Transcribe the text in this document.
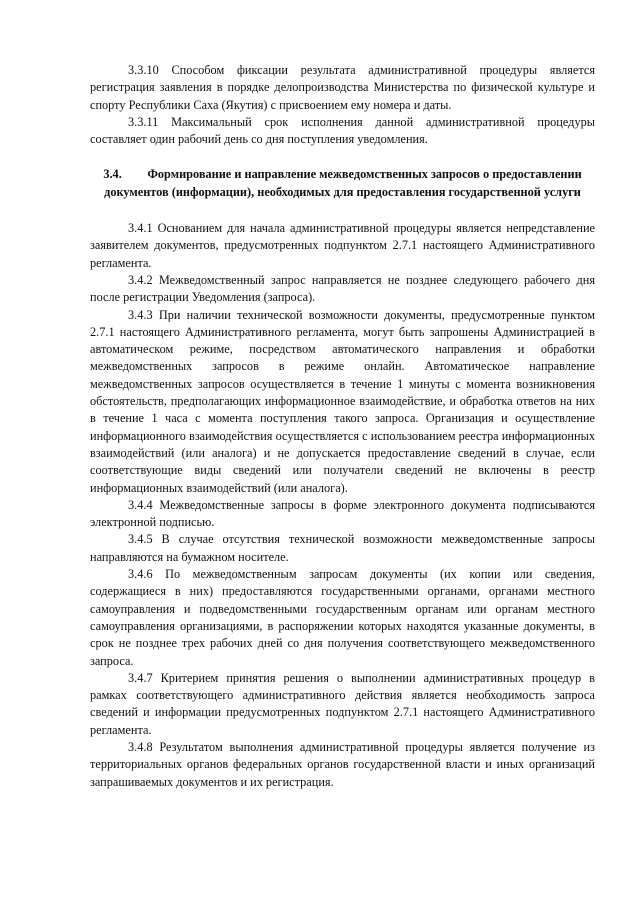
3.3.10 Способом фиксации результата административной процедуры является регистрация заявления в порядке делопроизводства Министерства по физической культуре и спорту Республики Саха (Якутия) с присвоением ему номера и даты.

3.3.11 Максимальный срок исполнения данной административной процедуры составляет один рабочий день со дня поступления уведомления.

3.4. Формирование и направление межведомственных запросов о предоставлении документов (информации), необходимых для предоставления государственной услуги

3.4.1 Основанием для начала административной процедуры является непредставление заявителем документов, предусмотренных подпунктом 2.7.1 настоящего Административного регламента.

3.4.2 Межведомственный запрос направляется не позднее следующего рабочего дня после регистрации Уведомления (запроса).

3.4.3 При наличии технической возможности документы, предусмотренные пунктом 2.7.1 настоящего Административного регламента, могут быть запрошены Администрацией в автоматическом режиме, посредством автоматического направления и обработки межведомственных запросов в режиме онлайн. Автоматическое направление межведомственных запросов осуществляется в течение 1 минуты с момента возникновения обстоятельств, предполагающих информационное взаимодействие, и обработка ответов на них в течение 1 часа с момента поступления такого запроса. Организация и осуществление информационного взаимодействия осуществляется с использованием реестра информационных взаимодействий (или аналога) и не допускается предоставление сведений в случае, если соответствующие виды сведений или получатели сведений не включены в реестр информационных взаимодействий (или аналога).

3.4.4 Межведомственные запросы в форме электронного документа подписываются электронной подписью.

3.4.5 В случае отсутствия технической возможности межведомственные запросы направляются на бумажном носителе.

3.4.6 По межведомственным запросам документы (их копии или сведения, содержащиеся в них) предоставляются государственными органами, органами местного самоуправления и подведомственными государственным органам или органам местного самоуправления организациями, в распоряжении которых находятся указанные документы, в срок не позднее трех рабочих дней со дня получения соответствующего межведомственного запроса.

3.4.7 Критерием принятия решения о выполнении административных процедур в рамках соответствующего административного действия является необходимость запроса сведений и информации предусмотренных подпунктом 2.7.1 настоящего Административного регламента.

3.4.8 Результатом выполнения административной процедуры является получение из территориальных органов федеральных органов государственной власти и иных организаций запрашиваемых документов и их регистрация.
